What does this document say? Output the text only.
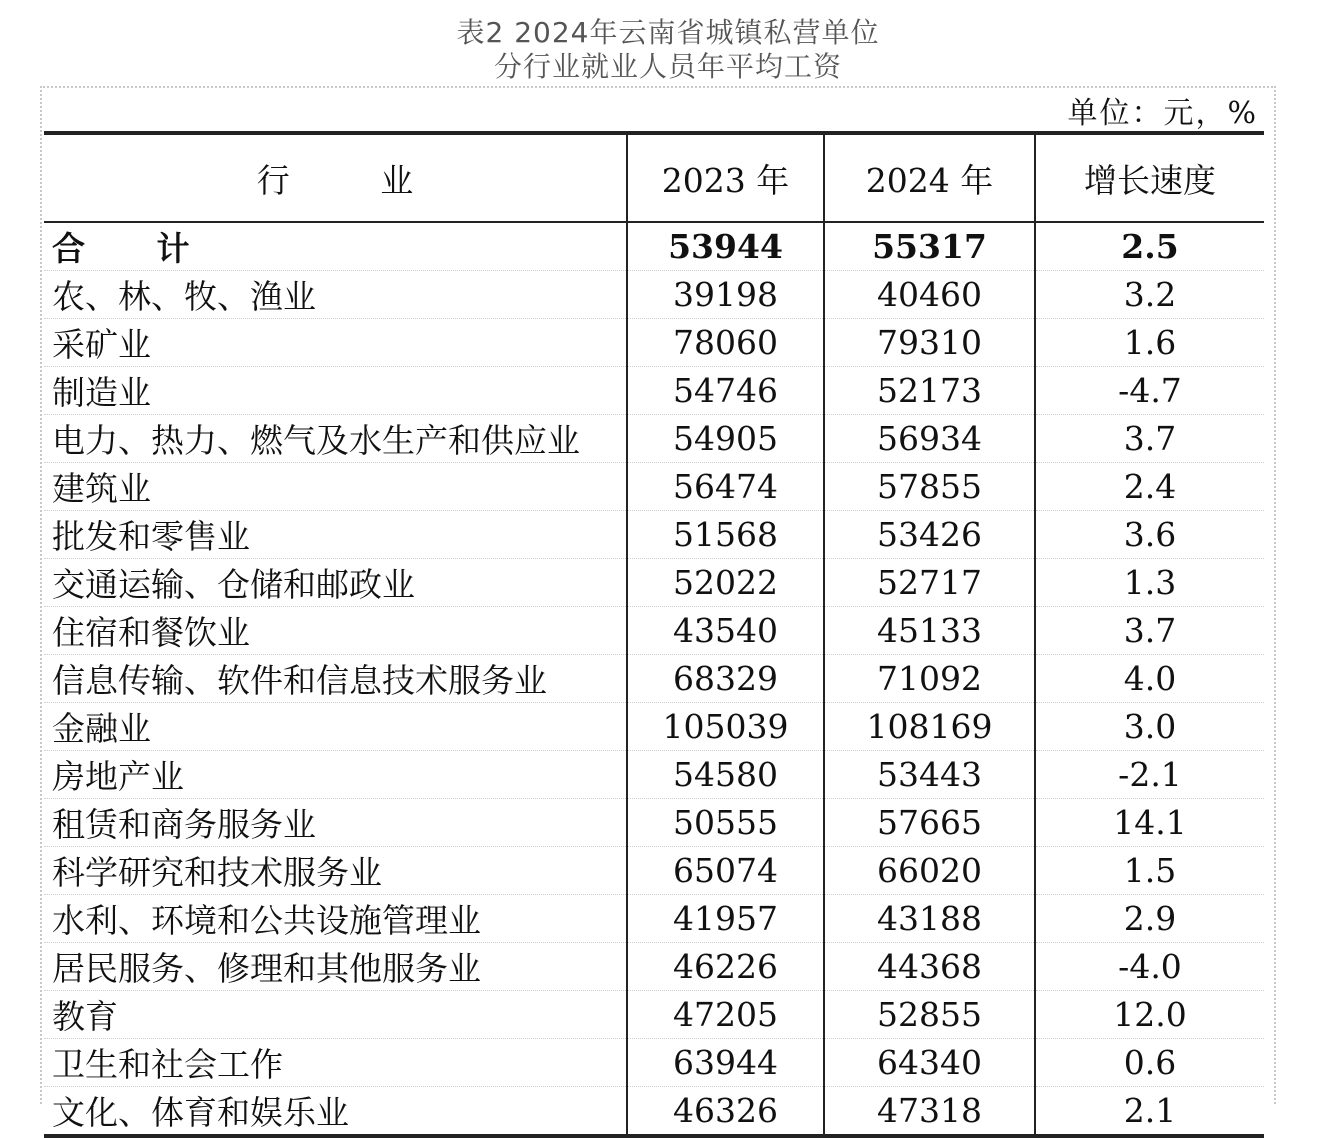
表2 2024年云南省城镇私营单位
分行业就业人员年平均工资
单位：元，%
行 业	2023 年	2024 年	增长速度
合 计	53944	55317	2.5
农、林、牧、渔业	39198	40460	3.2
采矿业	78060	79310	1.6
制造业	54746	52173	-4.7
电力、热力、燃气及水生产和供应业	54905	56934	3.7
建筑业	56474	57855	2.4
批发和零售业	51568	53426	3.6
交通运输、仓储和邮政业	52022	52717	1.3
住宿和餐饮业	43540	45133	3.7
信息传输、软件和信息技术服务业	68329	71092	4.0
金融业	105039	108169	3.0
房地产业	54580	53443	-2.1
租赁和商务服务业	50555	57665	14.1
科学研究和技术服务业	65074	66020	1.5
水利、环境和公共设施管理业	41957	43188	2.9
居民服务、修理和其他服务业	46226	44368	-4.0
教育	47205	52855	12.0
卫生和社会工作	63944	64340	0.6
文化、体育和娱乐业	46326	47318	2.1
